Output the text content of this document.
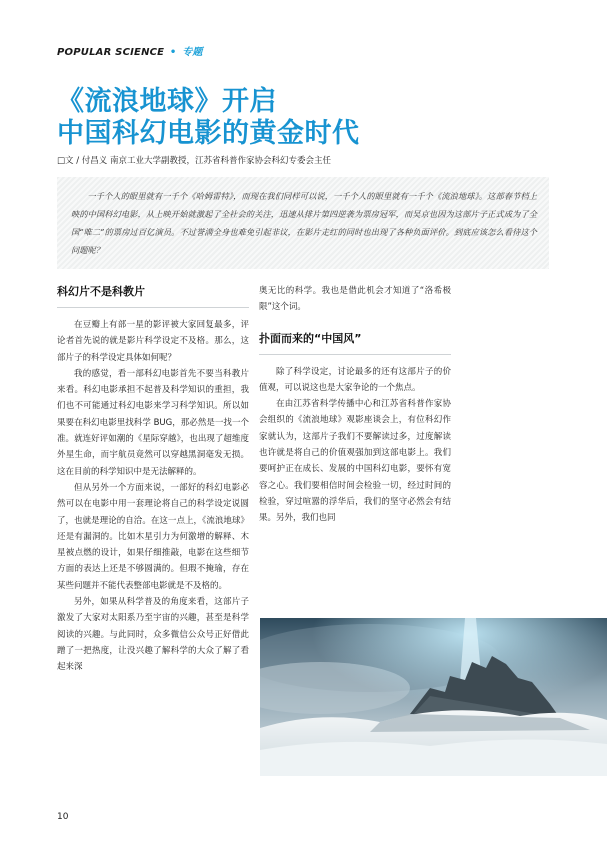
POPULAR SCIENCE • 专题
《流浪地球》开启
中国科幻电影的黄金时代
□文 / 付昌义 南京工业大学副教授，江苏省科普作家协会科幻专委会主任

一千个人的眼里就有一千个《哈姆雷特》，而现在我们同样可以说，一千个人的眼里就有一千个《流浪地球》。这部春节档上映的中国科幻电影，从上映开始就激起了全社会的关注，迅速从排片第四逆袭为票房冠军，而吴京也因为这部片子正式成为了全国“唯二”的票房过百亿演员。不过誉满全身也难免引起非议，在影片走红的同时也出现了各种负面评价。到底应该怎么看待这个问题呢？

科幻片不是科教片

在豆瓣上有部一星的影评被大家回复最多，评论者首先说的就是影片科学设定不及格。那么，这部片子的科学设定具体如何呢？

我的感觉，看一部科幻电影首先不要当科教片来看。科幻电影承担不起普及科学知识的重担，我们也不可能通过科幻电影来学习科学知识。所以如果要在科幻电影里找科学 BUG，那必然是一找一个准。就连好评如潮的《星际穿越》，也出现了超维度外星生命，而宇航员竟然可以穿越黑洞毫发无损。这在目前的科学知识中是无法解释的。

但从另外一个方面来说，一部好的科幻电影必然可以在电影中用一套理论将自己的科学设定说圆了，也就是理论的自洽。在这一点上，《流浪地球》还是有漏洞的。比如木星引力为何激增的解释、木星被点燃的设计，如果仔细推敲，电影在这些细节方面的表达上还是不够圆满的。但瑕不掩瑜，存在某些问题并不能代表整部电影就是不及格的。

另外，如果从科学普及的角度来看，这部片子激发了大家对太阳系乃至宇宙的兴趣，甚至是科学阅读的兴趣。与此同时，众多微信公众号正好借此蹭了一把热度，让没兴趣了解科学的大众了解了看起来深

奥无比的科学。我也是借此机会才知道了“洛希极限”这个词。
扑面而来的“中国风”

除了科学设定，讨论最多的还有这部片子的价值观，可以说这也是大家争论的一个焦点。

在由江苏省科学传播中心和江苏省科普作家协会组织的《流浪地球》观影座谈会上，有位科幻作家就认为，这部片子我们不要解读过多，过度解读也许就是将自己的价值观强加到这部电影上。我们要呵护正在成长、发展的中国科幻电影，要怀有宽容之心。我们要相信时间会检验一切，经过时间的检验，穿过喧嚣的浮华后，我们的坚守必然会有结果。另外，我们也同

10
